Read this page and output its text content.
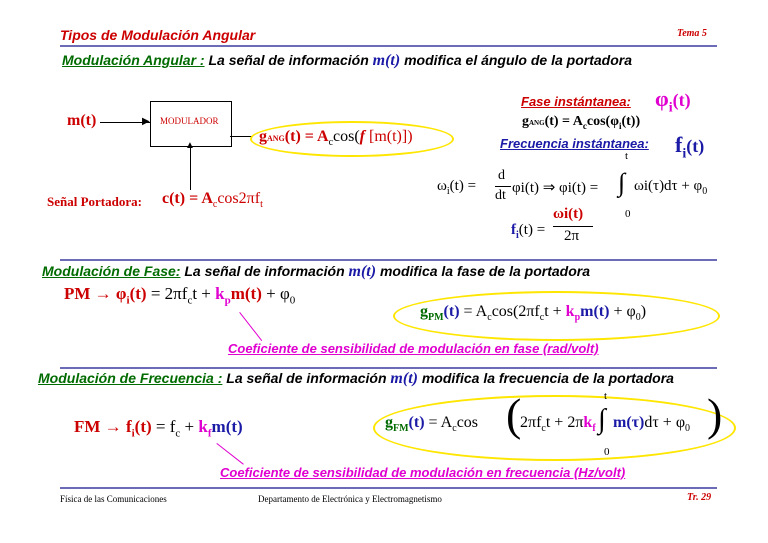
Tipos de Modulación Angular	Tema 5
Modulación Angular : La señal de información m(t) modifica el ángulo de la portadora
m(t)	▶ MODULADOR
▲
gANG(t) = $A_c\cos(f$ [m(t)])
Señal Portadora: $c(t) = A_c\cos 2\pi f_t$
Fase instántanea: $\varphi_i(t)$
gANG(t) = $A_c\cos(\varphi_i(t))$
Frecuencia instántanea: $f_i(t)$
$\omega_i(t)$ =
d
dt φi(t) ⇒ φi(t) =
t
∫
0
$\omega i(\tau)d\tau + \varphi_0$
$f_i(t)$ =
ωi(t)
2π
Modulación de Fase: La señal de información m(t) modifica la fase de la portadora
PM → $\varphi_i(t) = 2\pi f_ct + k_pm(t) + \varphi_0$
$g_{PM}(t) = A_c\cos(2\pi f_ct + k_pm(t) + \varphi_0)$
Coeficiente de sensibilidad de modulación en fase (rad/volt)
Modulación de Frecuencia : La señal de información m(t) modifica la frecuencia de la portadora
FM → $f_i(t) = f_c + k_fm(t)$	$g_{FM}(t) = A_c\cos$ (
$2\pi f_ct + 2\pi k_f$
t
∫
0
$m(\tau)d\tau + \varphi_0$ )
Coeficiente de sensibilidad de modulación en frecuencia (Hz/volt)
Física de las Comunicaciones	Departamento de Electrónica y Electromagnetismo	Tr. 29
